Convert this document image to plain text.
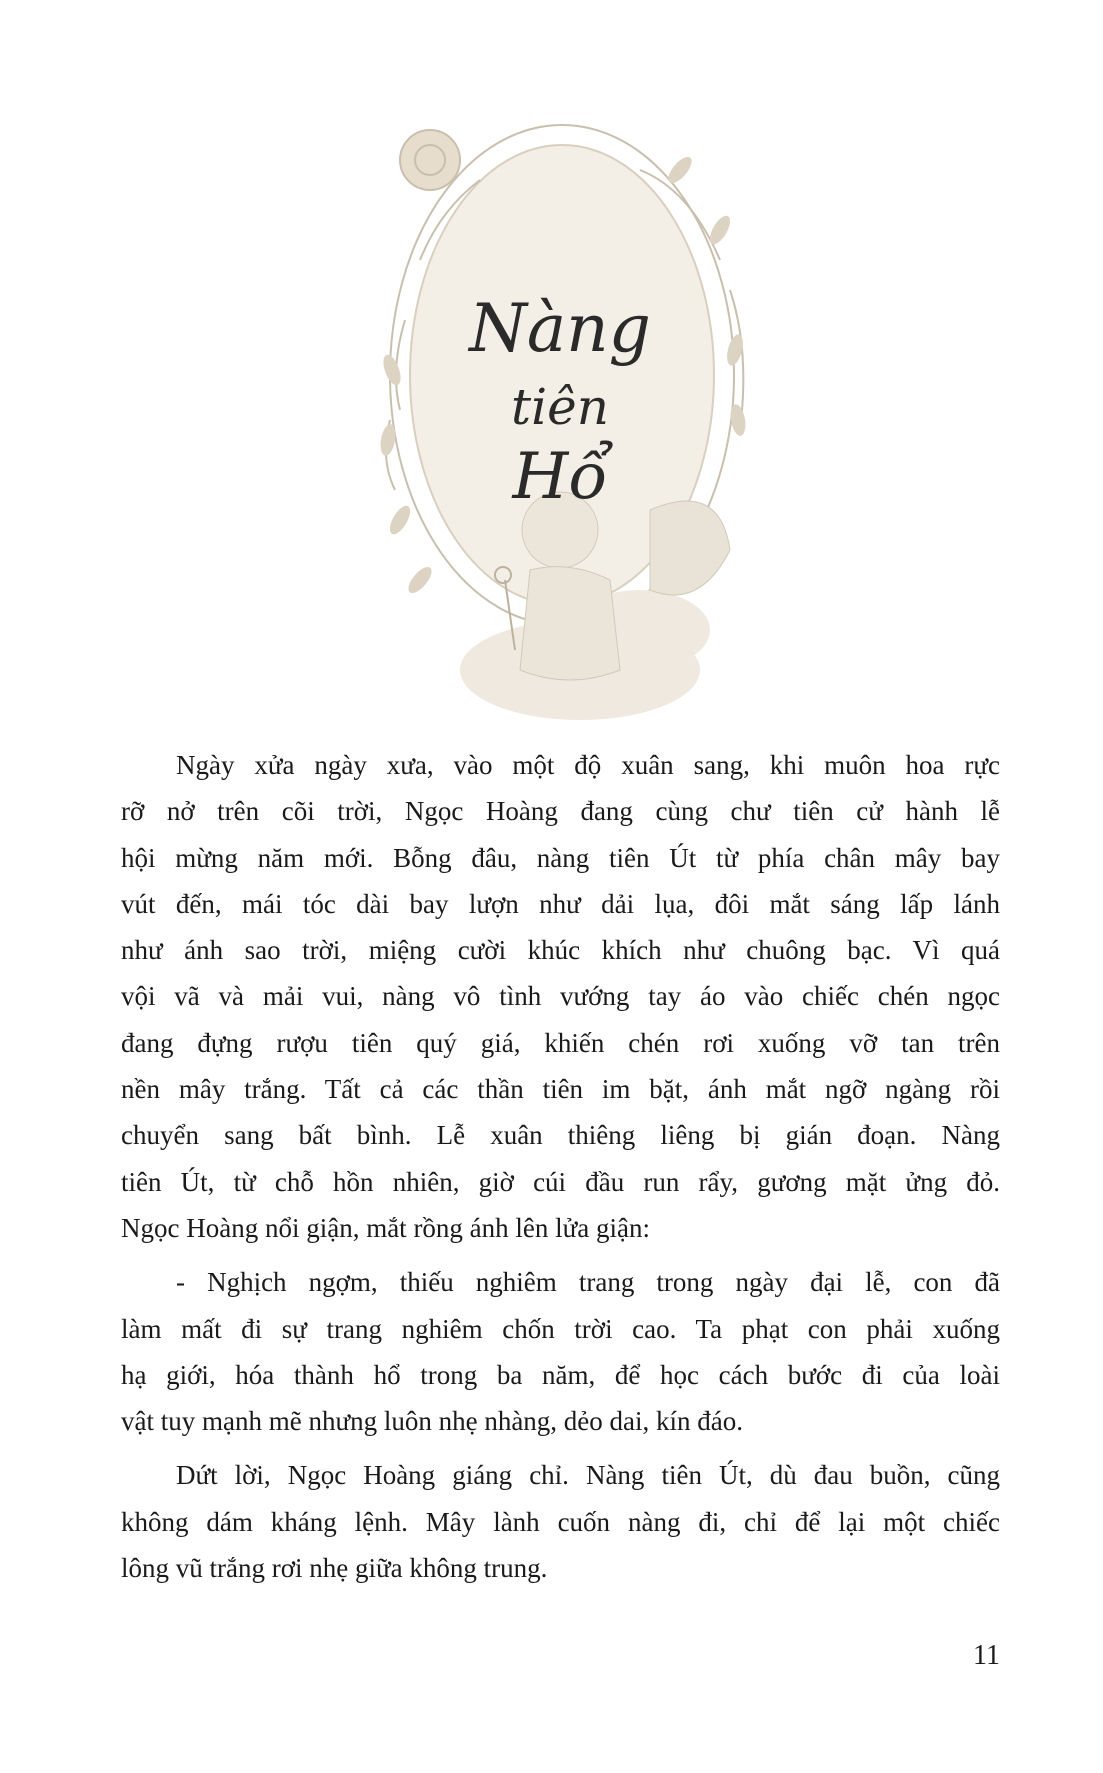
Nàng
tiên
Hổ
Ngày xửa ngày xưa, vào một độ xuân sang, khi muôn hoa rực
rỡ nở trên cõi trời, Ngọc Hoàng đang cùng chư tiên cử hành lễ
hội mừng năm mới. Bỗng đâu, nàng tiên Út từ phía chân mây bay
vút đến, mái tóc dài bay lượn như dải lụa, đôi mắt sáng lấp lánh
như ánh sao trời, miệng cười khúc khích như chuông bạc. Vì quá
vội vã và mải vui, nàng vô tình vướng tay áo vào chiếc chén ngọc
đang đựng rượu tiên quý giá, khiến chén rơi xuống vỡ tan trên
nền mây trắng. Tất cả các thần tiên im bặt, ánh mắt ngỡ ngàng rồi
chuyển sang bất bình. Lễ xuân thiêng liêng bị gián đoạn. Nàng
tiên Út, từ chỗ hồn nhiên, giờ cúi đầu run rẩy, gương mặt ửng đỏ.
Ngọc Hoàng nổi giận, mắt rồng ánh lên lửa giận:
- Nghịch ngợm, thiếu nghiêm trang trong ngày đại lễ, con đã
làm mất đi sự trang nghiêm chốn trời cao. Ta phạt con phải xuống
hạ giới, hóa thành hổ trong ba năm, để học cách bước đi của loài
vật tuy mạnh mẽ nhưng luôn nhẹ nhàng, dẻo dai, kín đáo.
Dứt lời, Ngọc Hoàng giáng chỉ. Nàng tiên Út, dù đau buồn, cũng
không dám kháng lệnh. Mây lành cuốn nàng đi, chỉ để lại một chiếc
lông vũ trắng rơi nhẹ giữa không trung.
11
